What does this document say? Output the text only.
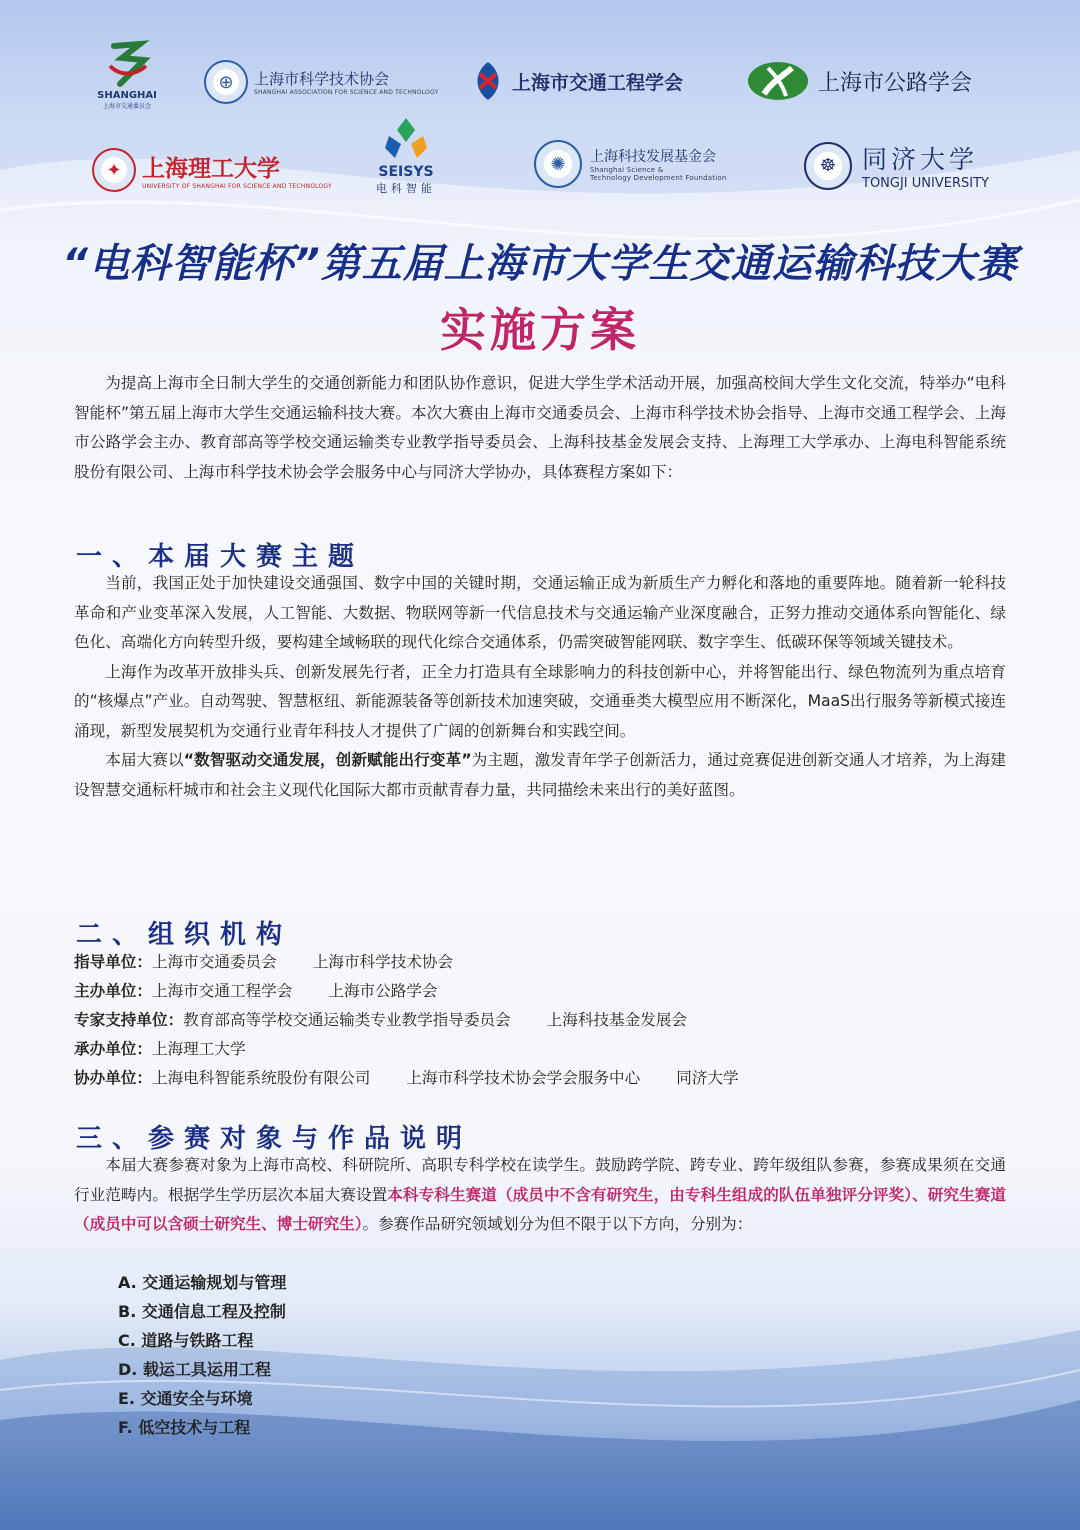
SHANGHAI
上海市交通委员会
⊕	上海市科学技术协会
SHANGHAI ASSOCIATION FOR SCIENCE AND TECHNOLOGY	上海市交通工程学会	上海市公路学会
✦ 上海理工大学
UNIVERSITY OF SHANGHAI FOR SCIENCE AND TECHNOLOGY
SEISYS
电科智能
✺	上海科技发展基金会
Shanghai Science &
Technology Development Foundation
☸	同济大学
TONGJI UNIVERSITY
“电科智能杯”第五届上海市大学生交通运输科技大赛
实施方案

为提高上海市全日制大学生的交通创新能力和团队协作意识，促进大学生学术活动开展，加强高校间大学生文化交流，特举办“电科智能杯”第五届上海市大学生交通运输科技大赛。本次大赛由上海市交通委员会、上海市科学技术协会指导、上海市交通工程学会、上海市公路学会主办、教育部高等学校交通运输类专业教学指导委员会、上海科技基金发展会支持、上海理工大学承办、上海电科智能系统股份有限公司、上海市科学技术协会学会服务中心与同济大学协办，具体赛程方案如下：

一、本届大赛主题

当前，我国正处于加快建设交通强国、数字中国的关键时期，交通运输正成为新质生产力孵化和落地的重要阵地。随着新一轮科技革命和产业变革深入发展，人工智能、大数据、物联网等新一代信息技术与交通运输产业深度融合，正努力推动交通体系向智能化、绿色化、高端化方向转型升级，要构建全域畅联的现代化综合交通体系，仍需突破智能网联、数字孪生、低碳环保等领域关键技术。

上海作为改革开放排头兵、创新发展先行者，正全力打造具有全球影响力的科技创新中心，并将智能出行、绿色物流列为重点培育的“核爆点”产业。自动驾驶、智慧枢纽、新能源装备等创新技术加速突破，交通垂类大模型应用不断深化，MaaS出行服务等新模式接连涌现，新型发展契机为交通行业青年科技人才提供了广阔的创新舞台和实践空间。

本届大赛以“数智驱动交通发展，创新赋能出行变革”为主题，激发青年学子创新活力，通过竞赛促进创新交通人才培养，为上海建设智慧交通标杆城市和社会主义现代化国际大都市贡献青春力量，共同描绘未来出行的美好蓝图。

二、组织机构
指导单位：上海市交通委员会 上海市科学技术协会
主办单位：上海市交通工程学会 上海市公路学会
专家支持单位：教育部高等学校交通运输类专业教学指导委员会 上海科技基金发展会
承办单位：上海理工大学
协办单位：上海电科智能系统股份有限公司 上海市科学技术协会学会服务中心 同济大学
三、参赛对象与作品说明

本届大赛参赛对象为上海市高校、科研院所、高职专科学校在读学生。鼓励跨学院、跨专业、跨年级组队参赛，参赛成果须在交通行业范畴内。根据学生学历层次本届大赛设置本科专科生赛道（成员中不含有研究生，由专科生组成的队伍单独评分评奖）、研究生赛道（成员中可以含硕士研究生、博士研究生）。参赛作品研究领域划分为但不限于以下方向，分别为：

A. 交通运输规划与管理
B. 交通信息工程及控制
C. 道路与铁路工程
D. 载运工具运用工程
E. 交通安全与环境
F. 低空技术与工程
